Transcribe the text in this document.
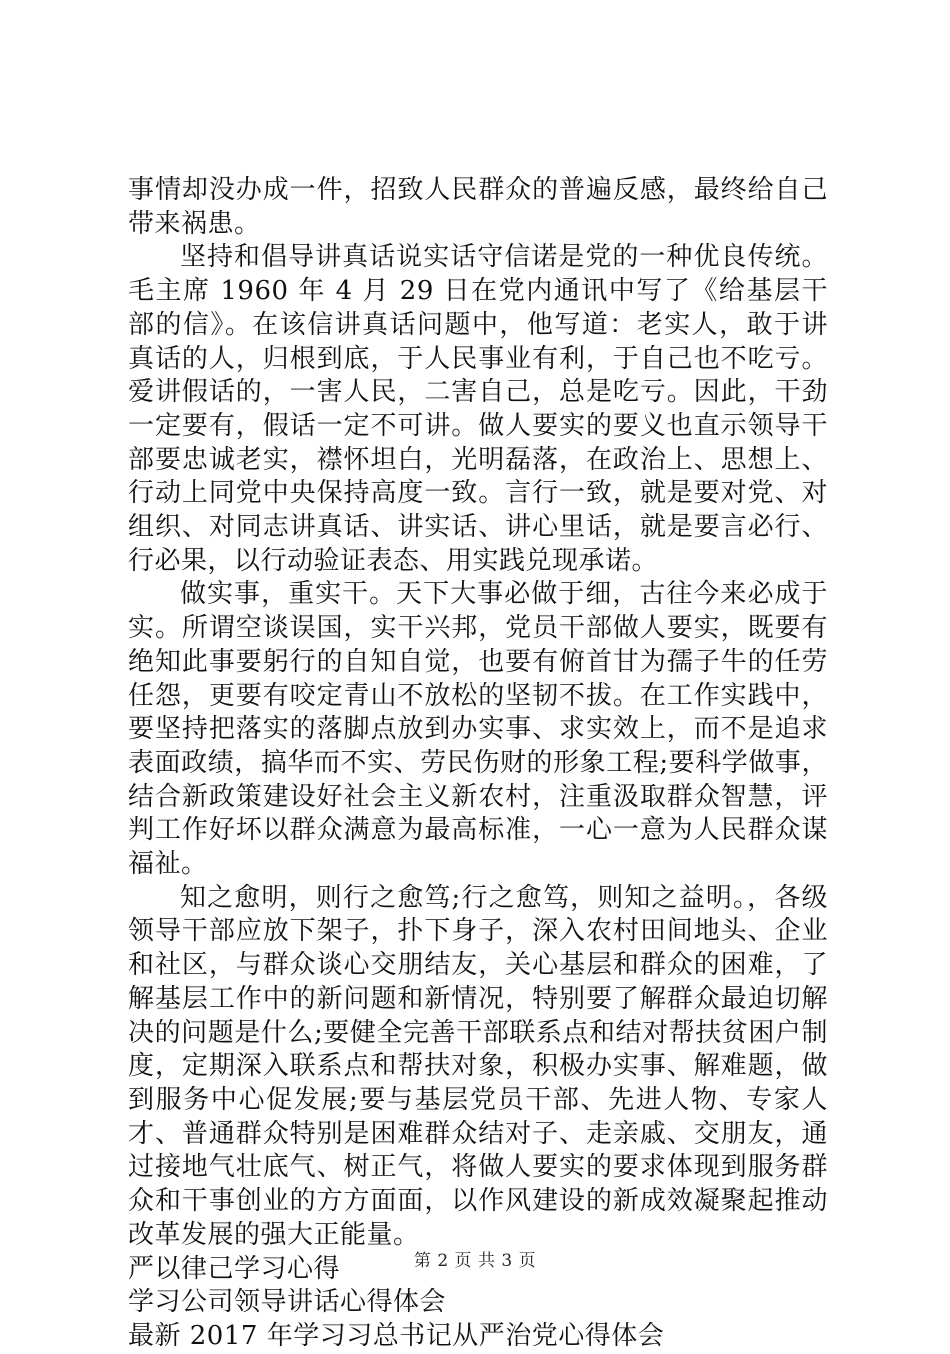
事情却没办成一件，招致人民群众的普遍反感，最终给自己带来祸患。

坚持和倡导讲真话说实话守信诺是党的一种优良传统。毛主席 1960 年 4 月 29 日在党内通讯中写了《给基层干部的信》。在该信讲真话问题中，他写道：老实人，敢于讲真话的人，归根到底，于人民事业有利，于自己也不吃亏。爱讲假话的，一害人民，二害自己，总是吃亏。因此，干劲一定要有，假话一定不可讲。做人要实的要义也直示领导干部要忠诚老实，襟怀坦白，光明磊落，在政治上、思想上、行动上同党中央保持高度一致。言行一致，就是要对党、对组织、对同志讲真话、讲实话、讲心里话，就是要言必行、行必果，以行动验证表态、用实践兑现承诺。

做实事，重实干。天下大事必做于细，古往今来必成于实。所谓空谈误国，实干兴邦，党员干部做人要实，既要有绝知此事要躬行的自知自觉，也要有俯首甘为孺子牛的任劳任怨，更要有咬定青山不放松的坚韧不拔。在工作实践中，要坚持把落实的落脚点放到办实事、求实效上，而不是追求表面政绩，搞华而不实、劳民伤财的形象工程;要科学做事，结合新政策建设好社会主义新农村，注重汲取群众智慧，评判工作好坏以群众满意为最高标准，一心一意为人民群众谋福祉。

知之愈明，则行之愈笃;行之愈笃，则知之益明。，各级领导干部应放下架子，扑下身子，深入农村田间地头、企业和社区，与群众谈心交朋结友，关心基层和群众的困难，了解基层工作中的新问题和新情况，特别要了解群众最迫切解决的问题是什么;要健全完善干部联系点和结对帮扶贫困户制度，定期深入联系点和帮扶对象，积极办实事、解难题，做到服务中心促发展;要与基层党员干部、先进人物、专家人才、普通群众特别是困难群众结对子、走亲戚、交朋友，通过接地气壮底气、树正气，将做人要实的要求体现到服务群众和干事创业的方方面面，以作风建设的新成效凝聚起推动改革发展的强大正能量。

严以律己学习心得

学习公司领导讲话心得体会

最新 2017 年学习习总书记从严治党心得体会

第 2 页 共 3 页
